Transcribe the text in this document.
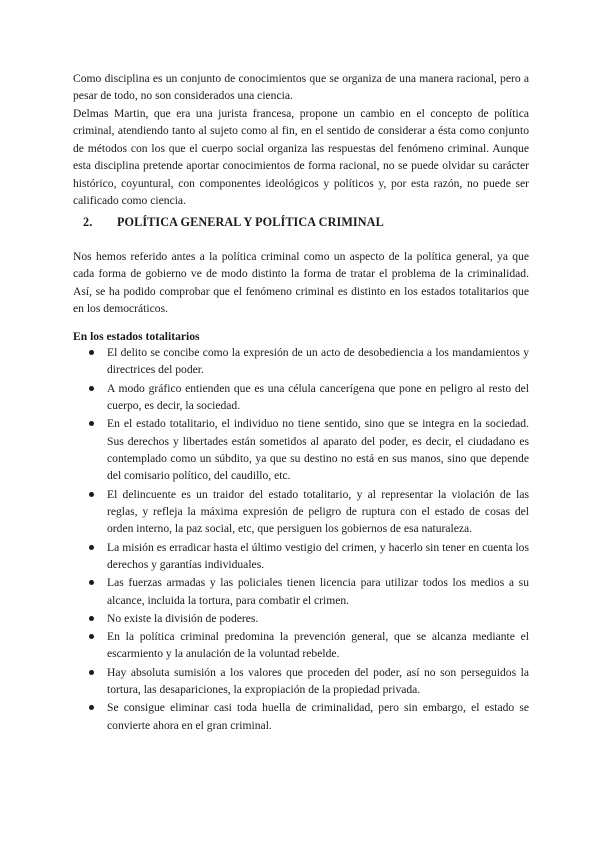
Como disciplina es un conjunto de conocimientos que se organiza de una manera racional, pero a pesar de todo, no son considerados una ciencia.

Delmas Martin, que era una jurista francesa, propone un cambio en el concepto de política criminal, atendiendo tanto al sujeto como al fin, en el sentido de considerar a ésta como conjunto de métodos con los que el cuerpo social organiza las respuestas del fenómeno criminal. Aunque esta disciplina pretende aportar conocimientos de forma racional, no se puede olvidar su carácter histórico, coyuntural, con componentes ideológicos y políticos y, por esta razón, no puede ser calificado como ciencia.

2. POLÍTICA GENERAL Y POLÍTICA CRIMINAL

Nos hemos referido antes a la política criminal como un aspecto de la política general, ya que cada forma de gobierno ve de modo distinto la forma de tratar el problema de la criminalidad. Así, se ha podido comprobar que el fenómeno criminal es distinto en los estados totalitarios que en los democráticos.

En los estados totalitarios

El delito se concibe como la expresión de un acto de desobediencia a los mandamientos y directrices del poder.
A modo gráfico entienden que es una célula cancerígena que pone en peligro al resto del cuerpo, es decir, la sociedad.
En el estado totalitario, el individuo no tiene sentido, sino que se integra en la sociedad. Sus derechos y libertades están sometidos al aparato del poder, es decir, el ciudadano es contemplado como un súbdito, ya que su destino no está en sus manos, sino que depende del comisario político, del caudillo, etc.
El delincuente es un traidor del estado totalitario, y al representar la violación de las reglas, y refleja la máxima expresión de peligro de ruptura con el estado de cosas del orden interno, la paz social, etc, que persiguen los gobiernos de esa naturaleza.
La misión es erradicar hasta el último vestigio del crimen, y hacerlo sin tener en cuenta los derechos y garantías individuales.
Las fuerzas armadas y las policiales tienen licencia para utilizar todos los medios a su alcance, incluida la tortura, para combatir el crimen.
No existe la división de poderes.
En la política criminal predomina la prevención general, que se alcanza mediante el escarmiento y la anulación de la voluntad rebelde.
Hay absoluta sumisión a los valores que proceden del poder, así no son perseguidos la tortura, las desapariciones, la expropiación de la propiedad privada.
Se consigue eliminar casi toda huella de criminalidad, pero sin embargo, el estado se convierte ahora en el gran criminal.
